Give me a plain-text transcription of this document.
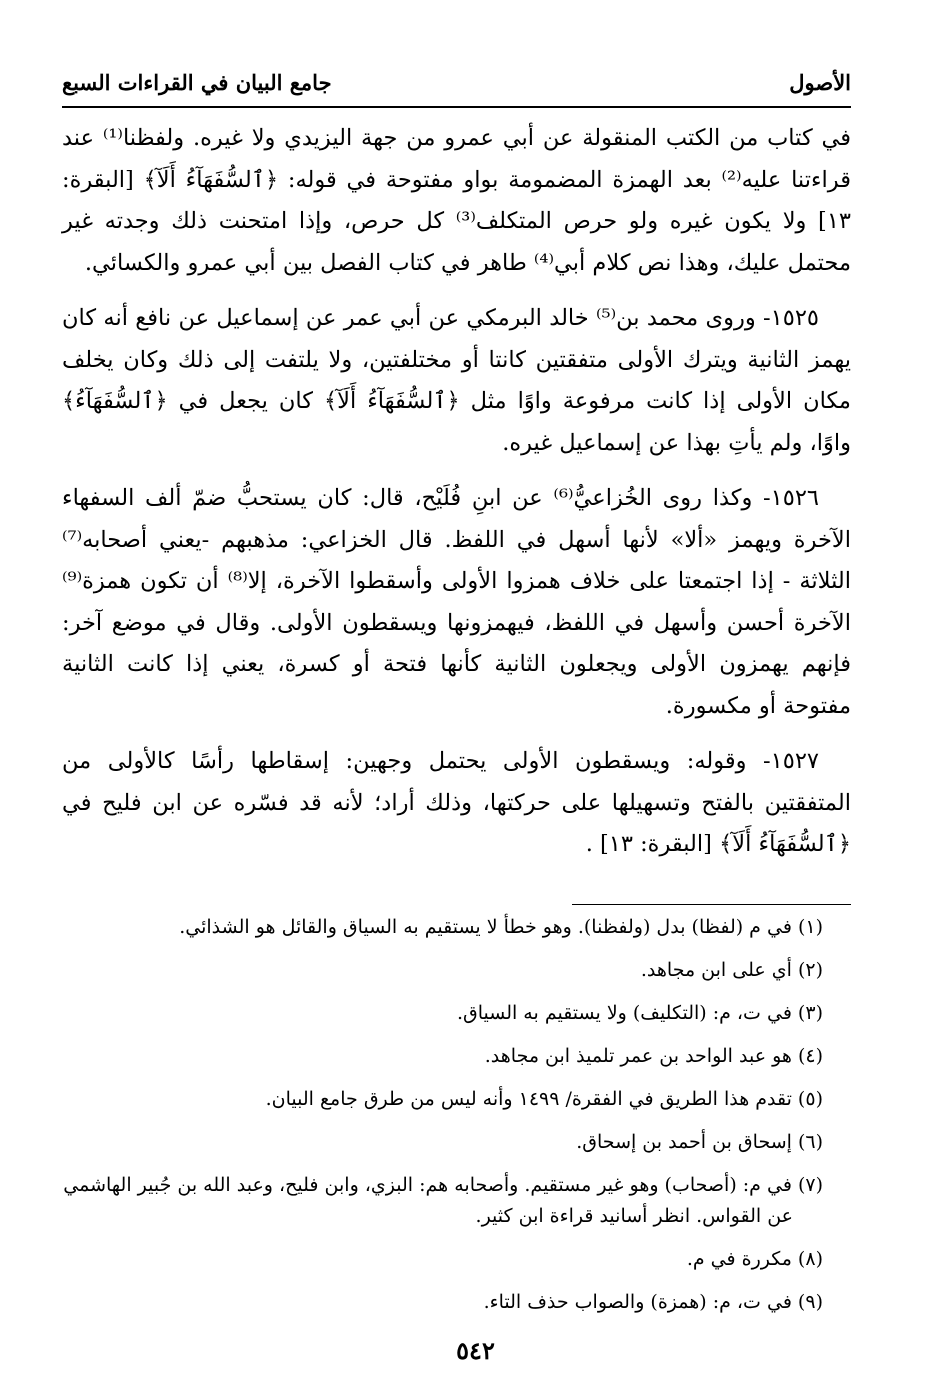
الأصول
جامع البيان في القراءات السبع

في كتاب من الكتب المنقولة عن أبي عمرو من جهة اليزيدي ولا غيره. ولفظنا⁽¹⁾ عند قراءتنا عليه⁽²⁾ بعد الهمزة المضمومة بواو مفتوحة في قوله: ﴿ٱلسُّفَهَآءُ أَلَآ﴾ [البقرة: ١٣] ولا يكون غيره ولو حرص المتكلف⁽³⁾ كل حرص، وإذا امتحنت ذلك وجدته غير محتمل عليك، وهذا نص كلام أبي⁽⁴⁾ طاهر في كتاب الفصل بين أبي عمرو والكسائي.

١٥٢٥- وروى محمد بن⁽⁵⁾ خالد البرمكي عن أبي عمر عن إسماعيل عن نافع أنه كان يهمز الثانية ويترك الأولى متفقتين كانتا أو مختلفتين، ولا يلتفت إلى ذلك وكان يخلف مكان الأولى إذا كانت مرفوعة واوًا مثل ﴿ٱلسُّفَهَآءُ أَلَآ﴾ كان يجعل في ﴿ٱلسُّفَهَآءُ﴾ واوًا، ولم يأتِ بهذا عن إسماعيل غيره.

١٥٢٦- وكذا روى الخُزاعيُّ⁽⁶⁾ عن ابنِ فُلَيْح، قال: كان يستحبُّ ضمّ ألف السفهاء الآخرة ويهمز «ألا» لأنها أسهل في اللفظ. قال الخزاعي: مذهبهم -يعني أصحابه⁽⁷⁾ الثلاثة - إذا اجتمعتا على خلاف همزوا الأولى وأسقطوا الآخرة، إلا⁽⁸⁾ أن تكون همزة⁽⁹⁾ الآخرة أحسن وأسهل في اللفظ، فيهمزونها ويسقطون الأولى. وقال في موضع آخر: فإنهم يهمزون الأولى ويجعلون الثانية كأنها فتحة أو كسرة، يعني إذا كانت الثانية مفتوحة أو مكسورة.

١٥٢٧- وقوله: ويسقطون الأولى يحتمل وجهين: إسقاطها رأسًا كالأولى من المتفقتين بالفتح وتسهيلها على حركتها، وذلك أراد؛ لأنه قد فسّره عن ابن فليح في ﴿ٱلسُّفَهَآءُ أَلَآ﴾ [البقرة: ١٣] .

(١) في م (لفظا) بدل (ولفظنا). وهو خطأ لا يستقيم به السياق والقائل هو الشذائي.
(٢) أي على ابن مجاهد.
(٣) في ت، م: (التكليف) ولا يستقيم به السياق.
(٤) هو عبد الواحد بن عمر تلميذ ابن مجاهد.
(٥) تقدم هذا الطريق في الفقرة/ ١٤٩٩ وأنه ليس من طرق جامع البيان.
(٦) إسحاق بن أحمد بن إسحاق.
(٧) في م: (أصحاب) وهو غير مستقيم. وأصحابه هم: البزي، وابن فليح، وعبد الله بن جُبير الهاشمي عن القواس. انظر أسانيد قراءة ابن كثير.
(٨) مكررة في م.
(٩) في ت، م: (همزة) والصواب حذف التاء.
٥٤٢
